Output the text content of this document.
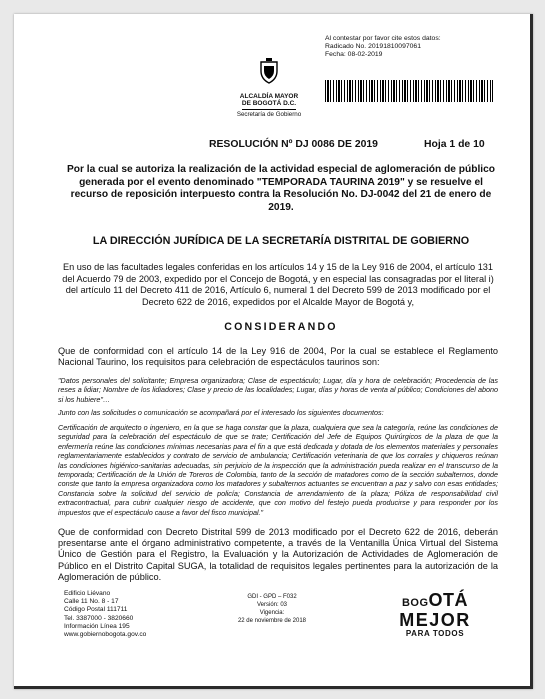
ALCALDÍA MAYOR
DE BOGOTÁ D.C.
Secretaría de Gobierno
Al contestar por favor cite estos datos:
Radicado No. 20191810097061
Fecha: 08-02-2019
RESOLUCIÓN Nº DJ 0086 DE 2019	Hoja 1 de 10
Por la cual se autoriza la realización de la actividad especial de aglomeración de público generada por el evento denominado "TEMPORADA TAURINA 2019" y se resuelve el recurso de reposición interpuesto contra la Resolución No. DJ-0042 del 21 de enero de 2019.
LA DIRECCIÓN JURÍDICA DE LA SECRETARÍA DISTRITAL DE GOBIERNO
En uso de las facultades legales conferidas en los artículos 14 y 15 de la Ley 916 de 2004, el artículo 131 del Acuerdo 79 de 2003, expedido por el Concejo de Bogotá, y en especial las consagradas por el literal i) del artículo 11 del Decreto 411 de 2016, Artículo 6, numeral 1 del Decreto 599 de 2013 modificado por el Decreto 622 de 2016, expedidos por el Alcalde Mayor de Bogotá y,
CONSIDERANDO
Que de conformidad con el artículo 14 de la Ley 916 de 2004, Por la cual se establece el Reglamento Nacional Taurino, los requisitos para celebración de espectáculos taurinos son:
"Datos personales del solicitante; Empresa organizadora; Clase de espectáculo; Lugar, día y hora de celebración; Procedencia de las reses a lidiar; Nombre de los lidiadores; Clase y precio de las localidades; Lugar, días y horas de venta al público; Condiciones del abono si los hubiere"…
Junto con las solicitudes o comunicación se acompañará por el interesado los siguientes documentos:
Certificación de arquitecto o ingeniero, en la que se haga constar que la plaza, cualquiera que sea la categoría, reúne las condiciones de seguridad para la celebración del espectáculo de que se trate; Certificación del Jefe de Equipos Quirúrgicos de la plaza de que la enfermería reúne las condiciones mínimas necesarias para el fin a que está dedicada y dotada de los elementos materiales y personales reglamentariamente establecidos y contrato de servicio de ambulancia; Certificación veterinaria de que los corrales y chiqueros reúnan las condiciones higiénico-sanitarias adecuadas, sin perjuicio de la inspección que la administración pueda realizar en el transcurso de la temporada; Certificación de la Unión de Toreros de Colombia, tanto de la sección de matadores como de la sección subalternos, donde conste que tanto la empresa organizadora como los matadores y subalternos actuantes se encuentran a paz y salvo con esas entidades; Constancia sobre la solicitud del servicio de policía; Constancia de arrendamiento de la plaza; Póliza de responsabilidad civil extracontractual, para cubrir cualquier riesgo de accidente, que con motivo del festejo pueda producirse y para responder por los impuestos que el espectáculo cause a favor del fisco municipal."
Que de conformidad con Decreto Distrital 599 de 2013 modificado por el Decreto 622 de 2016, deberán presentarse ante el órgano administrativo competente, a través de la Ventanilla Única Virtual del Sistema Único de Gestión para el Registro, la Evaluación y la Autorización de Actividades de Aglomeración de Público en el Distrito Capital SUGA, la totalidad de requisitos legales pertinentes para la autorización de la Aglomeración de público.
Edificio Liévano
Calle 11 No. 8 - 17
Código Postal 111711
Tel. 3387000 - 3820660
Información Línea 195
www.gobiernobogota.gov.co
GDI - GPD – F032
Versión: 03
Vigencia:
22 de noviembre de 2018
BOGOTÁ
MEJOR
PARA TODOS
